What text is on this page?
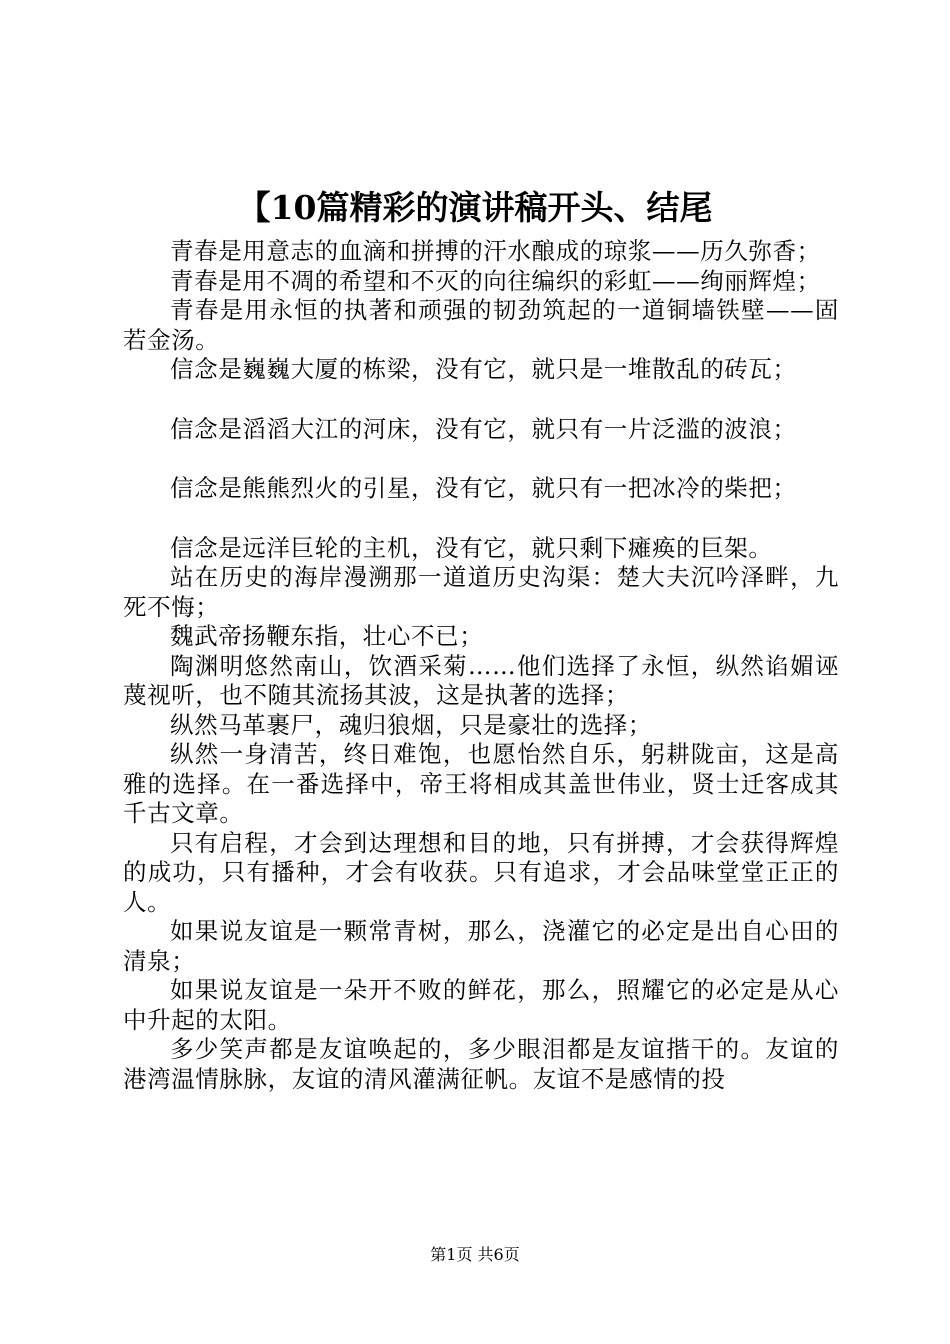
【10篇精彩的演讲稿开头、结尾

青春是用意志的血滴和拼搏的汗水酿成的琼浆——历久弥香；

青春是用不凋的希望和不灭的向往编织的彩虹——绚丽辉煌；

青春是用永恒的执著和顽强的韧劲筑起的一道铜墙铁壁——固若金汤。

信念是巍巍大厦的栋梁，没有它，就只是一堆散乱的砖瓦；

信念是滔滔大江的河床，没有它，就只有一片泛滥的波浪；

信念是熊熊烈火的引星，没有它，就只有一把冰冷的柴把；

信念是远洋巨轮的主机，没有它，就只剩下瘫痪的巨架。

站在历史的海岸漫溯那一道道历史沟渠：楚大夫沉吟泽畔，九死不悔；

魏武帝扬鞭东指，壮心不已；

陶渊明悠然南山，饮酒采菊……他们选择了永恒，纵然谄媚诬蔑视听，也不随其流扬其波，这是执著的选择；

纵然马革裹尸，魂归狼烟，只是豪壮的选择；

纵然一身清苦，终日难饱，也愿怡然自乐，躬耕陇亩，这是高雅的选择。在一番选择中，帝王将相成其盖世伟业，贤士迁客成其千古文章。

只有启程，才会到达理想和目的地，只有拼搏，才会获得辉煌的成功，只有播种，才会有收获。只有追求，才会品味堂堂正正的人。

如果说友谊是一颗常青树，那么，浇灌它的必定是出自心田的清泉；

如果说友谊是一朵开不败的鲜花，那么，照耀它的必定是从心中升起的太阳。

多少笑声都是友谊唤起的，多少眼泪都是友谊揩干的。友谊的港湾温情脉脉，友谊的清风灌满征帆。友谊不是感情的投

第1页 共6页
